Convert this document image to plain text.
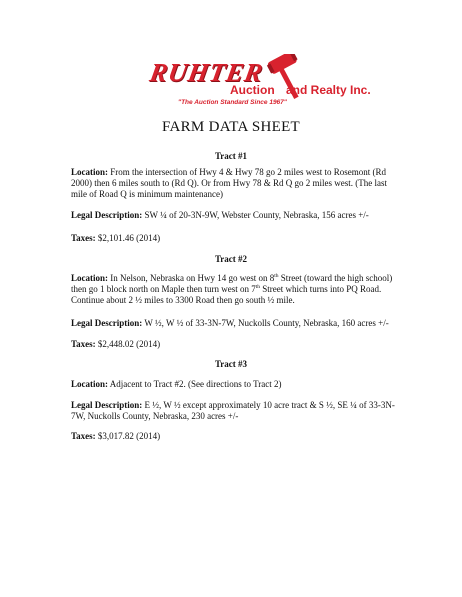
RUHTER
Auction and Realty Inc.
"The Auction Standard Since 1967"
FARM DATA SHEET
Tract #1
Location: From the intersection of Hwy 4 & Hwy 78 go 2 miles west to Rosemont (Rd 2000) then 6 miles south to (Rd Q). Or from Hwy 78 & Rd Q go 2 miles west. (The last mile of Road Q is minimum maintenance)
Legal Description: SW ¼ of 20-3N-9W, Webster County, Nebraska, 156 acres +/-
Taxes: $2,101.46 (2014)
Tract #2
Location: In Nelson, Nebraska on Hwy 14 go west on 8th Street (toward the high school) then go 1 block north on Maple then turn west on 7th Street which turns into PQ Road. Continue about 2 ½ miles to 3300 Road then go south ½ mile.
Legal Description: W ½, W ½ of 33-3N-7W, Nuckolls County, Nebraska, 160 acres +/-
Taxes: $2,448.02 (2014)
Tract #3
Location: Adjacent to Tract #2. (See directions to Tract 2)
Legal Description: E ½, W ½ except approximately 10 acre tract & S ½, SE ¼ of 33-3N-7W, Nuckolls County, Nebraska, 230 acres +/-
Taxes: $3,017.82 (2014)
